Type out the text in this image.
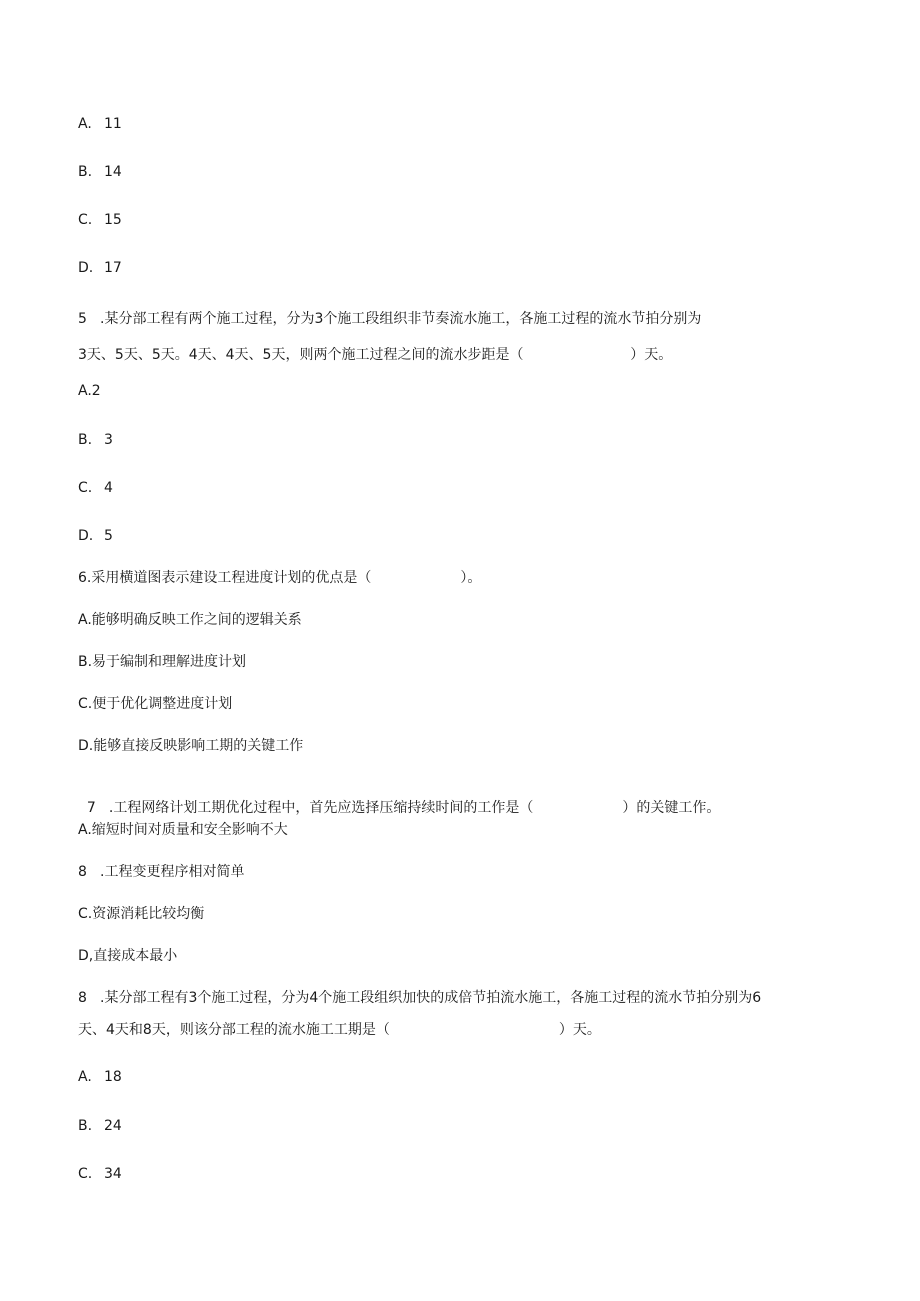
A. 11
B. 14
C. 15
D. 17
5 .某分部工程有两个施工过程，分为3个施工段组织非节奏流水施工，各施工过程的流水节拍分别为
3天、5天、5天。4天、4天、5天，则两个施工过程之间的流水步距是（                        ）天。
A.2
B. 3
C. 4
D. 5
6.采用横道图表示建设工程进度计划的优点是（                    ）。
A.能够明确反映工作之间的逻辑关系
B.易于编制和理解进度计划
C.便于优化调整进度计划
D.能够直接反映影响工期的关键工作

7 .工程网络计划工期优化过程中，首先应选择压缩持续时间的工作是（                    ）的关键工作。

A.缩短时间对质量和安全影响不大
8 .工程变更程序相对简单
C.资源消耗比较均衡
D,直接成本最小
8 .某分部工程有3个施工过程，分为4个施工段组织加快的成倍节拍流水施工，各施工过程的流水节拍分别为6
天、4天和8天，则该分部工程的流水施工工期是（                                      ）天。
A. 18
B. 24
C. 34
